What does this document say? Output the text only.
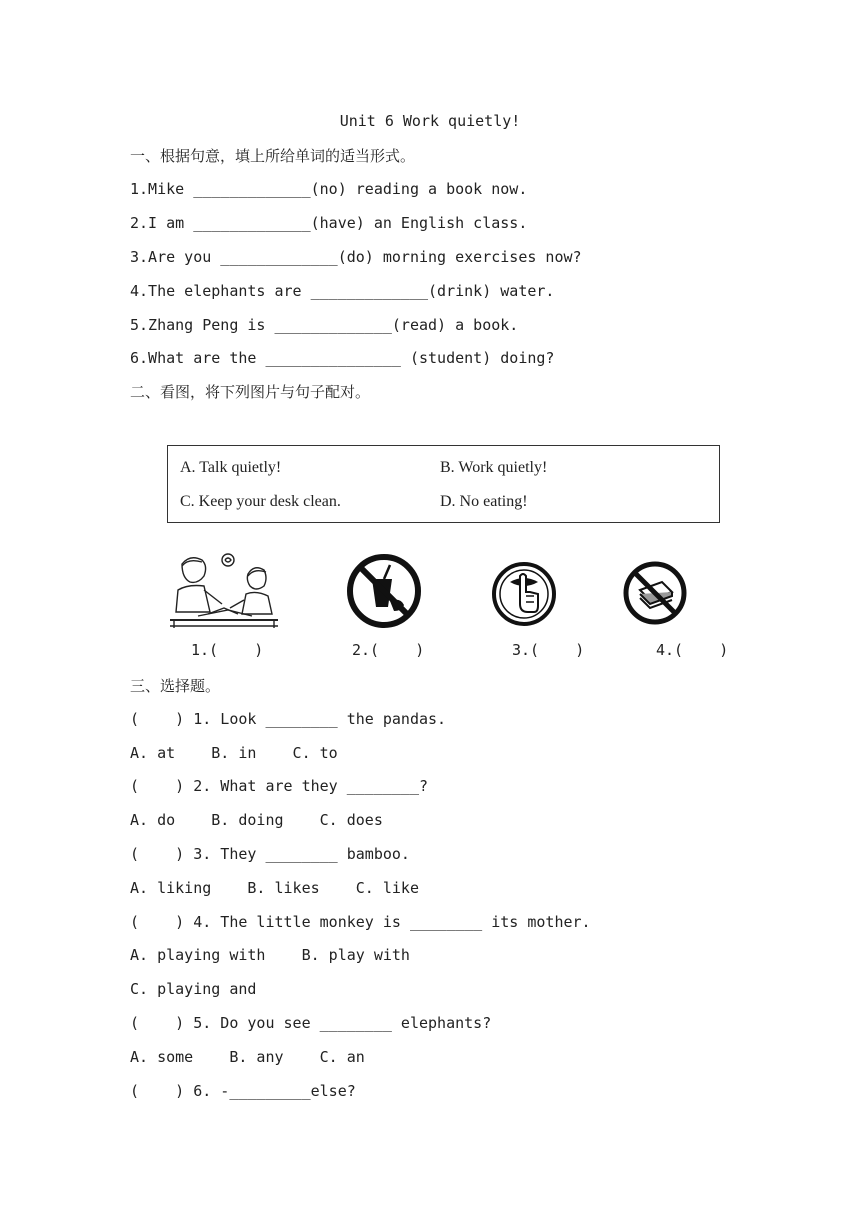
Unit 6 Work quietly!
一、根据句意，填上所给单词的适当形式。
1.Mike _____________(no) reading a book now.
2.I am _____________(have) an English class.
3.Are you _____________(do) morning exercises now?
4.The elephants are _____________(drink) water.
5.Zhang Peng is _____________(read) a book.
6.What are the _______________ (student) doing?
二、看图，将下列图片与句子配对。
A. Talk quietly!	B. Work quietly!
C. Keep your desk clean.	D. No eating!
1.(    )	2.(    )	3.(    )	4.(    )
三、选择题。
(    ) 1. Look ________ the pandas.
A. at    B. in    C. to
(    ) 2. What are they ________?
A. do    B. doing    C. does
(    ) 3. They ________ bamboo.
A. liking    B. likes    C. like
(    ) 4. The little monkey is ________ its mother.
A. playing with    B. play with
C. playing and
(    ) 5. Do you see ________ elephants?
A. some    B. any    C. an
(    ) 6. -_________else?
